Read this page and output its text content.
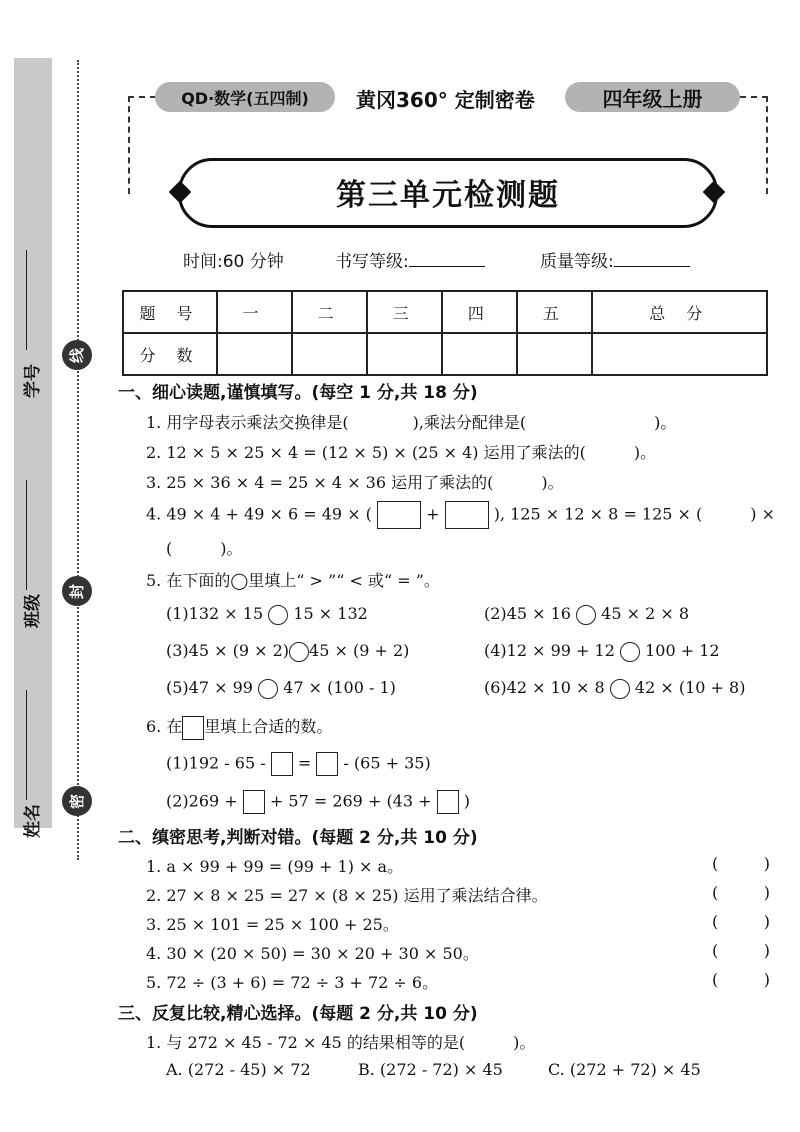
学号
班级
姓名
线
封
密
QD·数学(五四制)	黄冈360° 定制密卷	四年级上册
第三单元检测题
时间:60 分钟	书写等级:	质量等级:
题 号	一	二	三	四	五	总 分
分 数						
一、细心读题,谨慎填写。(每空 1 分,共 18 分)
1. 用字母表示乘法交换律是(　　　　),乘法分配律是(　　　　　　　　)。
2. 12 × 5 × 25 × 4 = (12 × 5) × (25 × 4) 运用了乘法的(　　　)。
3. 25 × 36 × 4 = 25 × 4 × 36 运用了乘法的(　　　)。
4. 49 × 4 + 49 × 6 = 49 × (	+	), 125 × 12 × 8 = 125 × (　　　) ×
(　　　)。
5. 在下面的◯里填上“ > ”“ < 或“ = ”。
(1)132 × 15 15 × 132	(2)45 × 16 45 × 2 × 8
(3)45 × (9 × 2) 45 × (9 + 2)	(4)12 × 99 + 12 100 + 12
(5)47 × 99 47 × (100 - 1)	(6)42 × 10 × 8 42 × (10 + 8)
6. 在 里填上合适的数。
(1)192 - 65 - = - (65 + 35)
(2)269 + + 57 = 269 + (43 + )
二、缜密思考,判断对错。(每题 2 分,共 10 分)
1. a × 99 + 99 = (99 + 1) × a。	(	)
2. 27 × 8 × 25 = 27 × (8 × 25) 运用了乘法结合律。	(	)
3. 25 × 101 = 25 × 100 + 25。	(	)
4. 30 × (20 × 50) = 30 × 20 + 30 × 50。	(	)
5. 72 ÷ (3 + 6) = 72 ÷ 3 + 72 ÷ 6。	(	)
三、反复比较,精心选择。(每题 2 分,共 10 分)
1. 与 272 × 45 - 72 × 45 的结果相等的是(　　　)。
A. (272 - 45) × 72	B. (272 - 72) × 45	C. (272 + 72) × 45
